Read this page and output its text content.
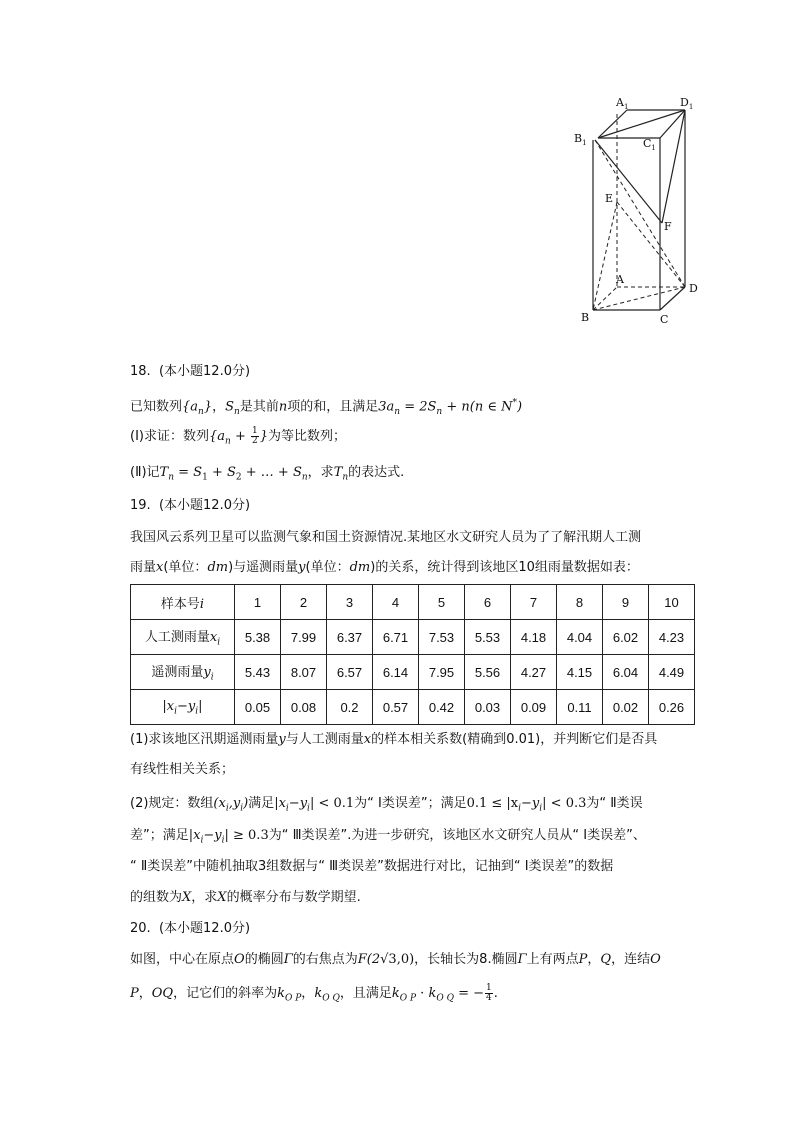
$A_1$	$D_1$
$B_1$	$C_1$
E
F
A
B	C
D
18. (本小题12.0分)
已知数列$\{a_n\}$，$S_n$是其前n项的和，且满足$3a_n = 2S_n + n(n$ ∈ N*)
(Ⅰ)求证：数列{$a_n + \frac{1}{2}$ }为等比数列；
(Ⅱ)记$T_n = S_1 + S_2$ + … + $S_n$，求$T_n$的表达式.
19. (本小题12.0分)
我国风云系列卫星可以监测气象和国土资源情况.某地区水文研究人员为了了解汛期人工测
雨量x(单位：dm)与遥测雨量y(单位：dm)的关系，统计得到该地区10组雨量数据如表：
样本号i	1	2	3	4	5	6	7	8	9	10
人工测雨量$x_i$	5.38	7.99	6.37	6.71	7.53	5.53	4.18	4.04	6.02	4.23
遥测雨量$y_i$	5.43	8.07	6.57	6.14	7.95	5.56	4.27	4.15	6.04	4.49
$|x_i-y_i|$	0.05	0.08	0.2	0.57	0.42	0.03	0.09	0.11	0.02	0.26
(1)求该地区汛期遥测雨量y与人工测雨量x的样本相关系数(精确到0.01)，并判断它们是否具
有线性相关关系；
(2)规定：数组$(x_i,y_i)$满足$|x_i-y_i| < 0.1$为“ Ⅰ类误差”；满足$0.1 \le |x_i-y_i| < 0.3$为“ Ⅱ类误
差”；满足$|x_i-y_i| \ge 0.3$为“ Ⅲ类误差”.为进一步研究，该地区水文研究人员从“ Ⅰ类误差”、
“ Ⅱ类误差”中随机抽取3组数据与“ Ⅲ类误差”数据进行对比，记抽到“ Ⅰ类误差”的数据
的组数为X，求X的概率分布与数学期望.
20. (本小题12.0分)
如图，中心在原点O的椭圆Γ的右焦点为F(2√3,0)，长轴长为8.椭圆Γ上有两点P，Q，连结O
P，OQ，记它们的斜率为$k_{O P}$，$k_{O Q}$，且满足$k_{O P} \cdot k_{O Q}$ = − $\frac{1}{4}$ .
